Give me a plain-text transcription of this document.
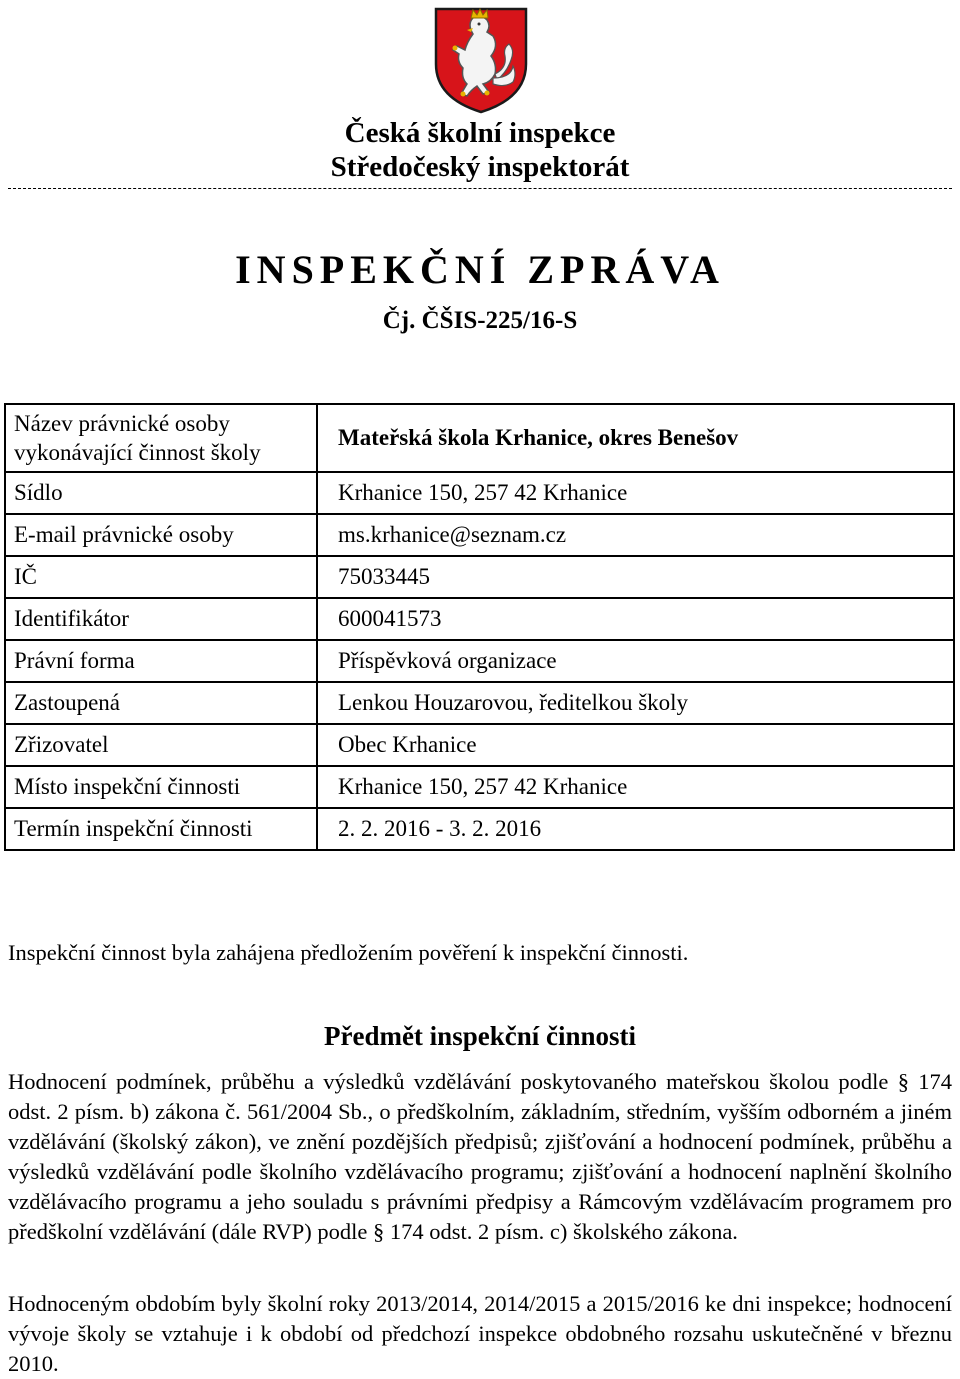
Česká školní inspekce
Středočeský inspektorát
INSPEKČNÍ ZPRÁVA
Čj. ČŠIS-225/16-S
Název právnické osoby vykonávající činnost školy	Mateřská škola Krhanice, okres Benešov
Sídlo	Krhanice 150, 257 42 Krhanice
E-mail právnické osoby	ms.krhanice@seznam.cz
IČ	75033445
Identifikátor	600041573
Právní forma	Příspěvková organizace
Zastoupená	Lenkou Houzarovou, ředitelkou školy
Zřizovatel	Obec Krhanice
Místo inspekční činnosti	Krhanice 150, 257 42 Krhanice
Termín inspekční činnosti	2. 2. 2016 - 3. 2. 2016
Inspekční činnost byla zahájena předložením pověření k inspekční činnosti.
Předmět inspekční činnosti
Hodnocení podmínek, průběhu a výsledků vzdělávání poskytovaného mateřskou školou podle § 174 odst. 2 písm. b) zákona č. 561/2004 Sb., o předškolním, základním, středním, vyšším odborném a jiném vzdělávání (školský zákon), ve znění pozdějších předpisů; zjišťování a hodnocení podmínek, průběhu a výsledků vzdělávání podle školního vzdělávacího programu; zjišťování a hodnocení naplnění školního vzdělávacího programu a jeho souladu s právními předpisy a Rámcovým vzdělávacím programem pro předškolní vzdělávání (dále RVP) podle § 174 odst. 2 písm. c) školského zákona.
Hodnoceným obdobím byly školní roky 2013/2014, 2014/2015 a 2015/2016 ke dni inspekce; hodnocení vývoje školy se vztahuje i k období od předchozí inspekce obdobného rozsahu uskutečněné v březnu 2010.
